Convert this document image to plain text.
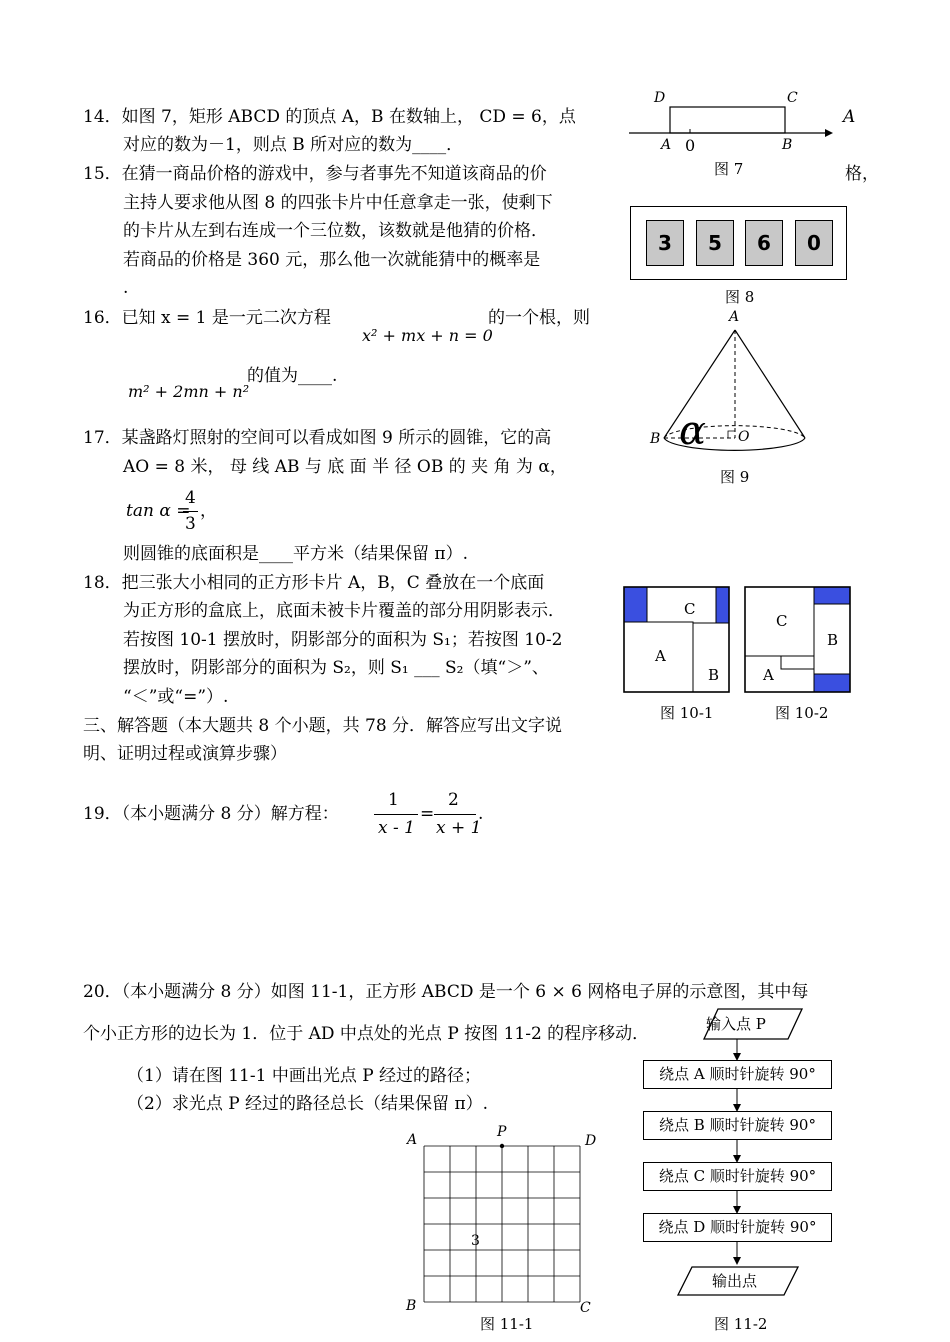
14．如图 7，矩形 ABCD 的顶点 A，B 在数轴上， CD = 6，点
对应的数为－1，则点 B 所对应的数为____．
A
15．在猜一商品价格的游戏中，参与者事先不知道该商品的价	格，
主持人要求他从图 8 的四张卡片中任意拿走一张，使剩下
的卡片从左到右连成一个三位数，该数就是他猜的价格．
若商品的价格是 360 元，那么他一次就能猜中的概率是
.
16．已知 x = 1 是一元二次方程
x² + mx + n = 0
的一个根，则
m² + 2mn + n²
的值为____.
17．某盏路灯照射的空间可以看成如图 9 所示的圆锥，它的高
AO = 8 米， 母 线 AB 与 底 面 半 径 OB 的 夹 角 为 α，
tan α =
4
3
，
则圆锥的底面积是____平方米（结果保留 π）.
18．把三张大小相同的正方形卡片 A，B，C 叠放在一个底面
为正方形的盒底上，底面未被卡片覆盖的部分用阴影表示．
若按图 10-1 摆放时，阴影部分的面积为 S₁；若按图 10-2
摆放时，阴影部分的面积为 S₂，则 S₁ ___ S₂（填“＞”、
“＜”或“=”）.
三、解答题（本大题共 8 个小题，共 78 分．解答应写出文字说
明、证明过程或演算步骤）
19．（本小题满分 8 分）解方程：
1
x - 1
=
2
x + 1
.
20．（本小题满分 8 分）如图 11-1，正方形 ABCD 是一个 6 × 6 网格电子屏的示意图，其中每
个小正方形的边长为 1．位于 AD 中点处的光点 P 按图 11-2 的程序移动．
（1）请在图 11-1 中画出光点 P 经过的路径；
（2）求光点 P 经过的路径总长（结果保留 π）.
D	C
A 0	B
图 7
3	5	6	0
图 8
A
B	O
α
图 9
C
A
B
图 10-1
C
B
A
图 10-2
A	P
D
3
B	C
图 11-1
输入点 P
绕点 A 顺时针旋转 90°
绕点 B 顺时针旋转 90°
绕点 C 顺时针旋转 90°
绕点 D 顺时针旋转 90°
输出点
图 11-2
